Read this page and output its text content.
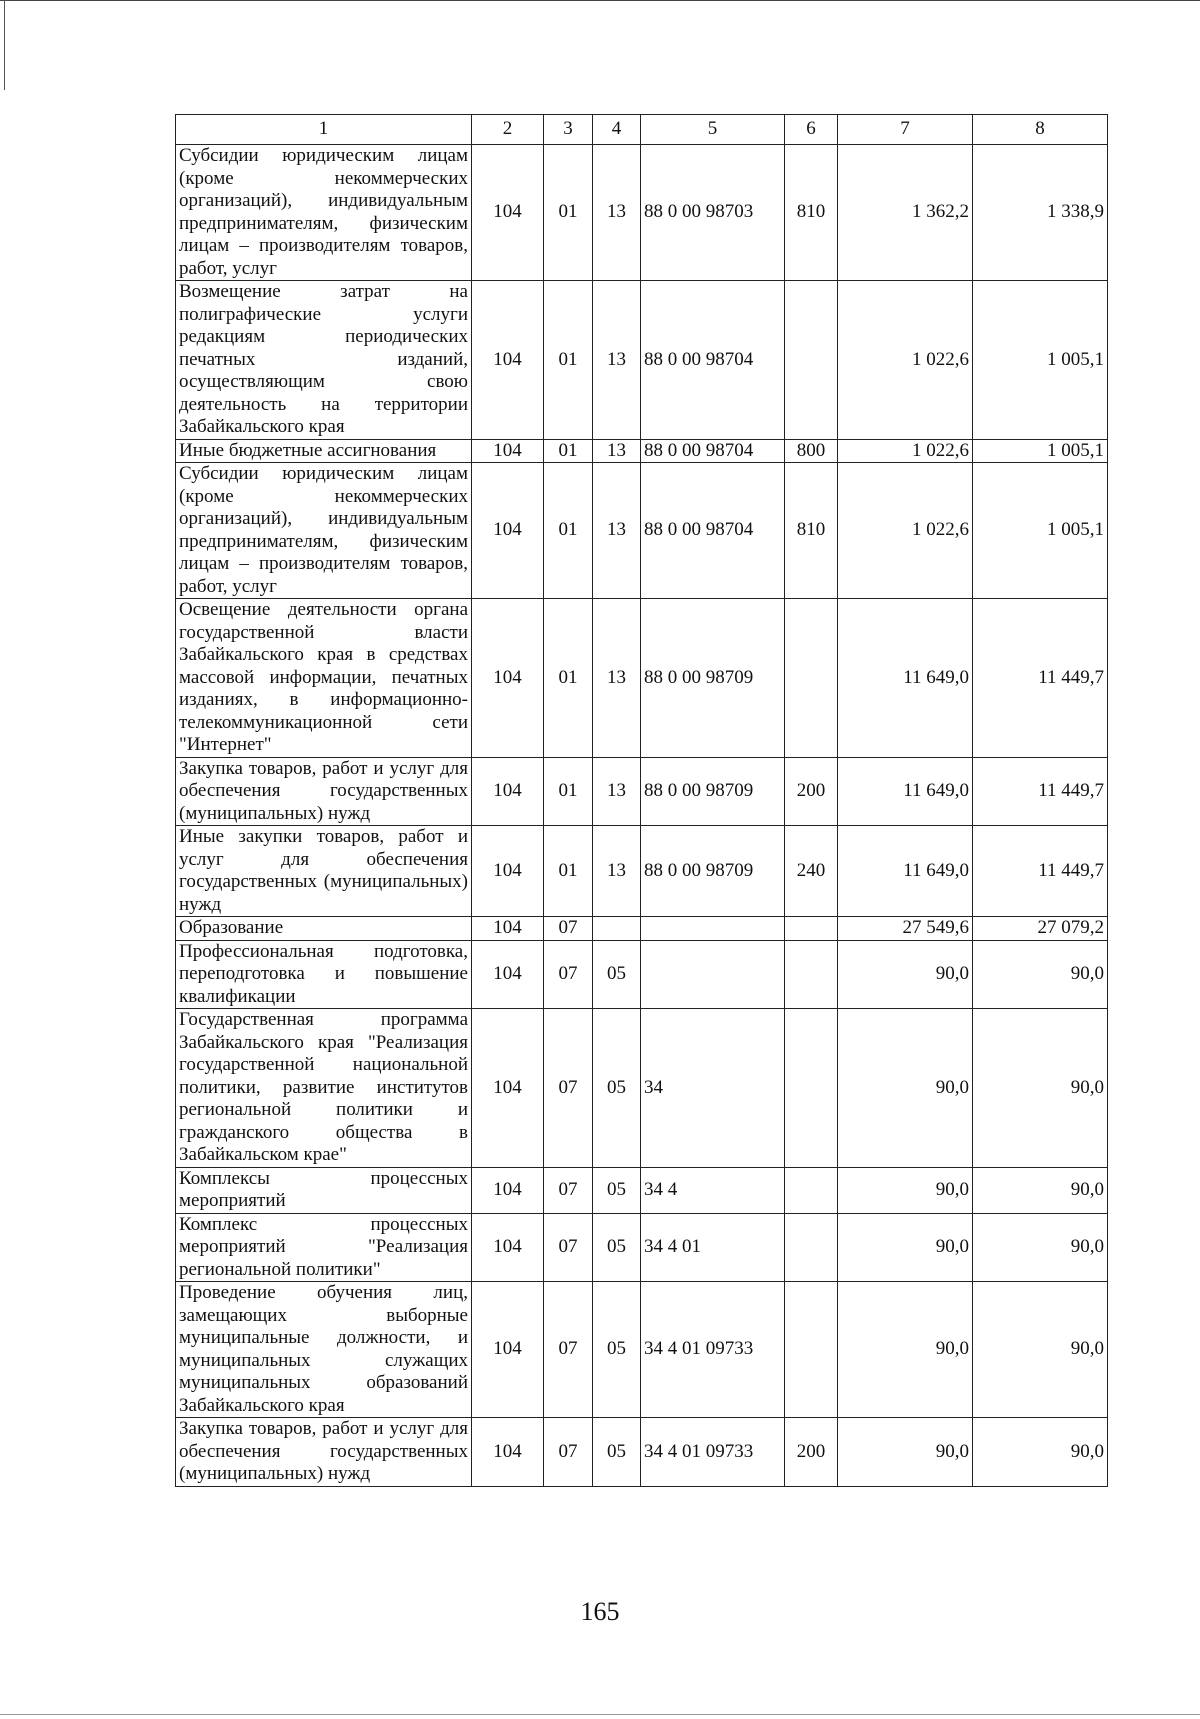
1	2	3	4	5	6	7	8
Субсидии юридическим лицам (кроме некоммерческих организаций), индивидуальным предпринимателям, физическим лицам – производителям товаров, работ, услуг	104	01	13	88 0 00 98703	810	1 362,2	1 338,9
Возмещение затрат на полиграфические услуги редакциям периодических печатных изданий, осуществляющим свою деятельность на территории Забайкальского края	104	01	13	88 0 00 98704		1 022,6	1 005,1
Иные бюджетные ассигнования	104	01	13	88 0 00 98704	800	1 022,6	1 005,1
Субсидии юридическим лицам (кроме некоммерческих организаций), индивидуальным предпринимателям, физическим лицам – производителям товаров, работ, услуг	104	01	13	88 0 00 98704	810	1 022,6	1 005,1
Освещение деятельности органа государственной власти Забайкальского края в средствах массовой информации, печатных изданиях, в информационно-телекоммуникационной сети "Интернет"	104	01	13	88 0 00 98709		11 649,0	11 449,7
Закупка товаров, работ и услуг для обеспечения государственных (муниципальных) нужд	104	01	13	88 0 00 98709	200	11 649,0	11 449,7
Иные закупки товаров, работ и услуг для обеспечения государственных (муниципальных) нужд	104	01	13	88 0 00 98709	240	11 649,0	11 449,7
Образование	104	07				27 549,6	27 079,2
Профессиональная подготовка, переподготовка и повышение квалификации	104	07	05			90,0	90,0
Государственная программа Забайкальского края "Реализация государственной национальной политики, развитие институтов региональной политики и гражданского общества в Забайкальском крае"	104	07	05	34		90,0	90,0
Комплексы процессных мероприятий	104	07	05	34 4		90,0	90,0
Комплекс процессных мероприятий "Реализация региональной политики"	104	07	05	34 4 01		90,0	90,0
Проведение обучения лиц, замещающих выборные муниципальные должности, и муниципальных служащих муниципальных образований Забайкальского края	104	07	05	34 4 01 09733		90,0	90,0
Закупка товаров, работ и услуг для обеспечения государственных (муниципальных) нужд	104	07	05	34 4 01 09733	200	90,0	90,0
165
